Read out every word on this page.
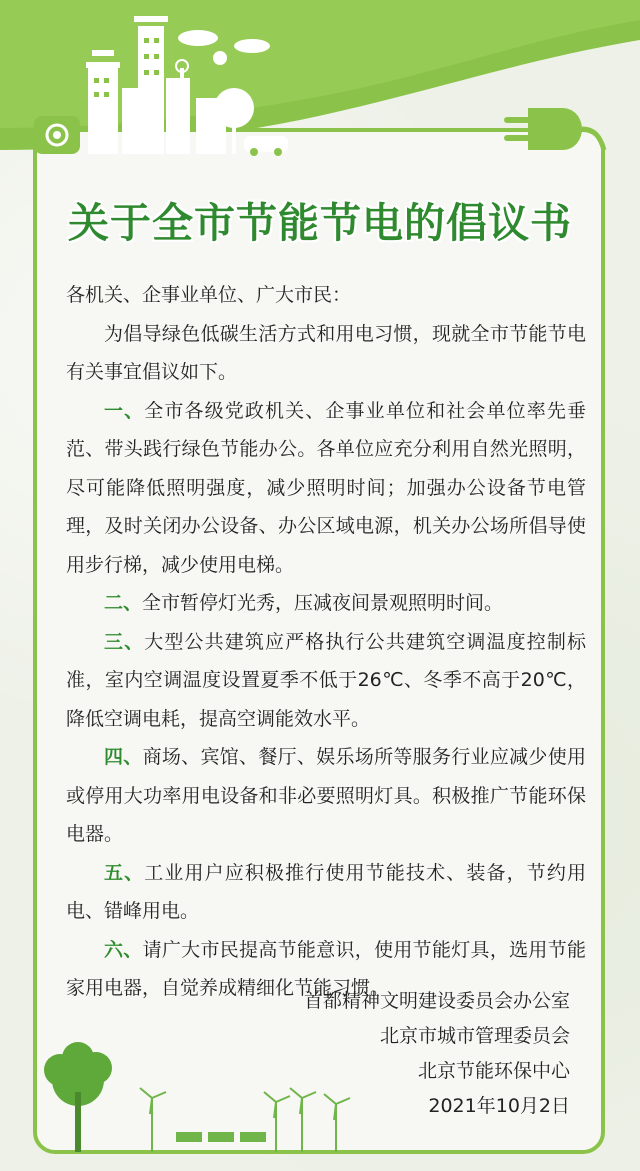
关于全市节能节电的倡议书

各机关、企事业单位、广大市民：

为倡导绿色低碳生活方式和用电习惯，现就全市节能节电有关事宜倡议如下。

一、全市各级党政机关、企事业单位和社会单位率先垂范、带头践行绿色节能办公。各单位应充分利用自然光照明，尽可能降低照明强度，减少照明时间；加强办公设备节电管理，及时关闭办公设备、办公区域电源，机关办公场所倡导使用步行梯，减少使用电梯。

二、全市暂停灯光秀，压减夜间景观照明时间。

三、大型公共建筑应严格执行公共建筑空调温度控制标准，室内空调温度设置夏季不低于26℃、冬季不高于20℃，降低空调电耗，提高空调能效水平。

四、商场、宾馆、餐厅、娱乐场所等服务行业应减少使用或停用大功率用电设备和非必要照明灯具。积极推广节能环保电器。

五、工业用户应积极推行使用节能技术、装备，节约用电、错峰用电。

六、请广大市民提高节能意识，使用节能灯具，选用节能家用电器，自觉养成精细化节能习惯。

首都精神文明建设委员会办公室
北京市城市管理委员会
北京节能环保中心
2021年10月2日
